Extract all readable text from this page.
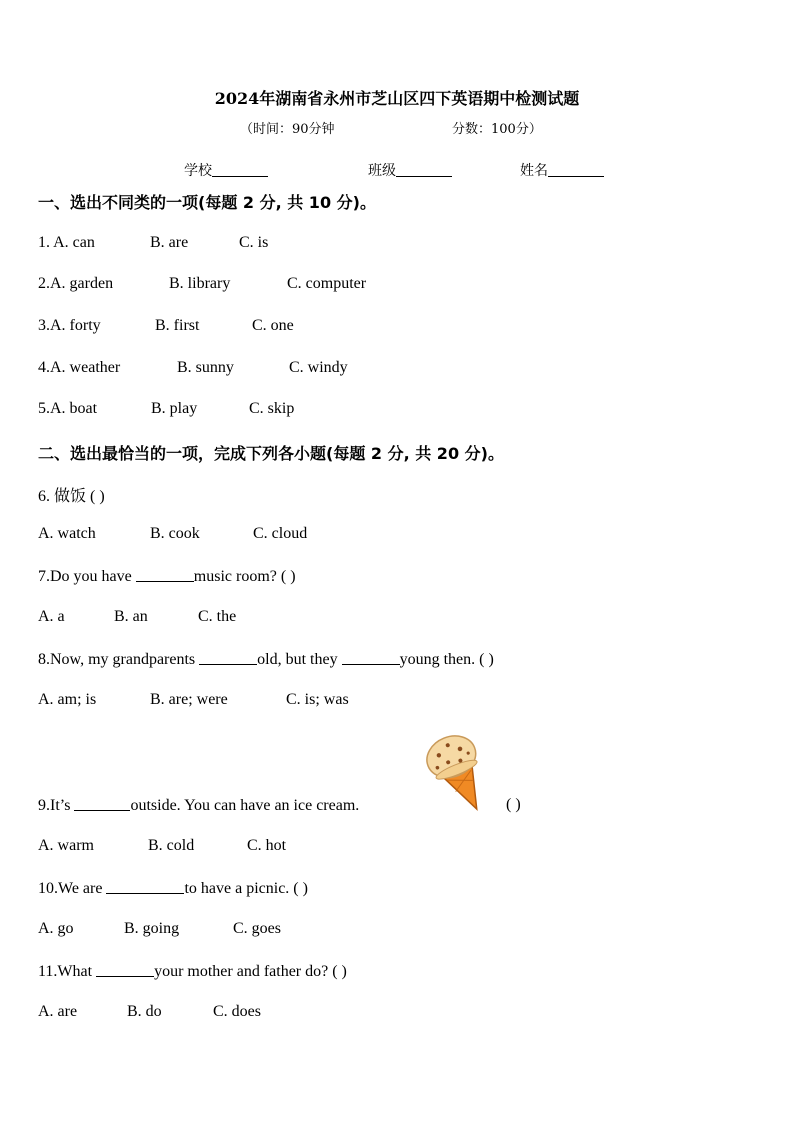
2024年湖南省永州市芝山区四下英语期中检测试题
（时间：90分钟	分数：100分）
学校	班级	姓名
一、选出不同类的一项(每题 2 分, 共 10 分)。
1. A. can	B. are	C. is
2.A. garden	B. library	C. computer
3.A. forty	B. first	C. one
4.A. weather	B. sunny	C. windy
5.A. boat	B. play	C. skip
二、选出最恰当的一项，完成下列各小题(每题 2 分, 共 20 分)。
6. 做饭 ( )
A. watch	B. cook	C. cloud
7.Do you have	music room? ( )
A. a	B. an	C. the
8.Now, my grandparents	old, but they	young then. ( )
A. am; is	B. are; were	C. is; was
9.It’s	outside. You can have an ice cream.	( )
A. warm	B. cold	C. hot
10.We are	to have a picnic. ( )
A. go	B. going	C. goes
11.What	your mother and father do? ( )
A. are	B. do	C. does
